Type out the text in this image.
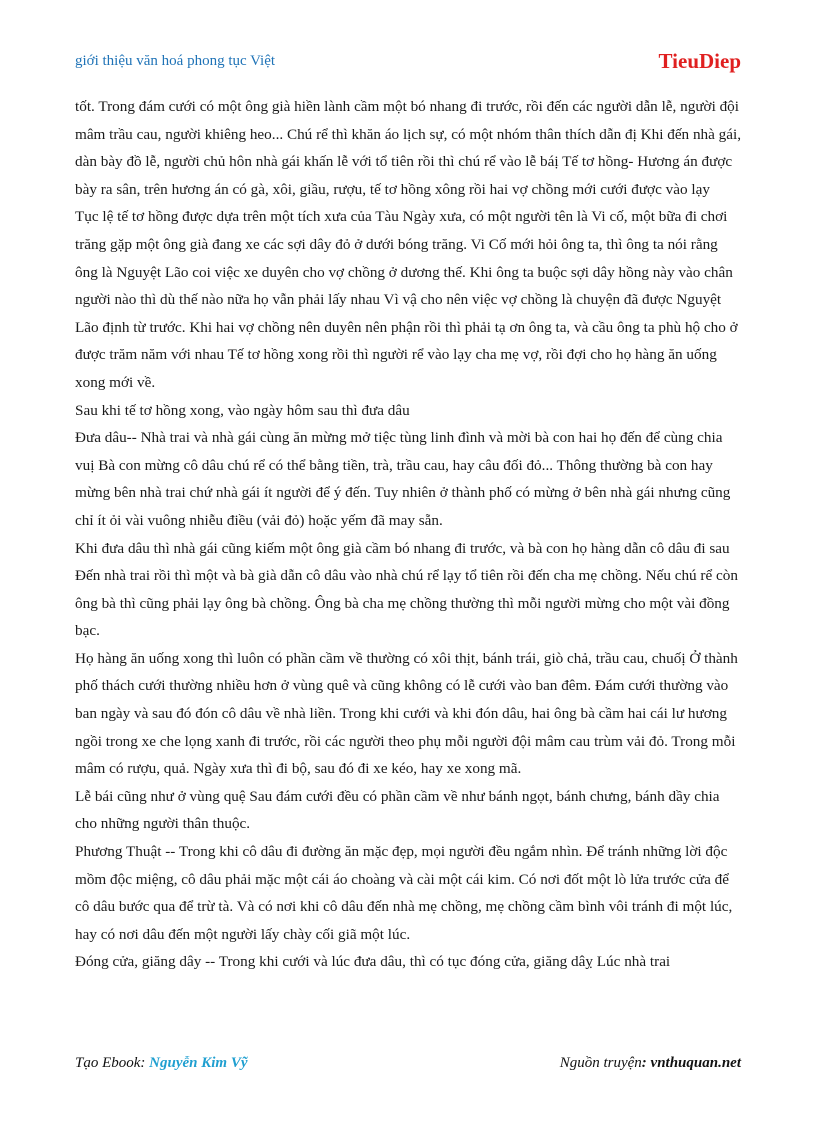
giới thiệu văn hoá phong tục Việt	TieuDiep

tốt. Trong đám cưới có một ông già hiền lành cầm một bó nhang đi trước, rồi đến các người dẫn lễ, người đội mâm trầu cau, người khiêng heo... Chú rể thì khăn áo lịch sự, có một nhóm thân thích dẫn đị Khi đến nhà gái, dàn bày đồ lễ, người chủ hôn nhà gái khấn lễ với tổ tiên rồi thì chú rể vào lễ báị Tế tơ hồng- Hương án được bày ra sân, trên hương án có gà, xôi, giầu, rượu, tế tơ hồng xông rồi hai vợ chồng mới cưới được vào lạy

Tục lệ tế tơ hồng được dựa trên một tích xưa của Tàu Ngày xưa, có một người tên là Vi cố, một bữa đi chơi trăng gặp một ông già đang xe các sợi dây đỏ ở dưới bóng trăng. Vi Cố mới hỏi ông ta, thì ông ta nói rằng ông là Nguyệt Lão coi việc xe duyên cho vợ chồng ở dương thế. Khi ông ta buộc sợi dây hồng này vào chân người nào thì dù thế nào nữa họ vẫn phải lấy nhau Vì vậ cho nên việc vợ chồng là chuyện đã được Nguyệt Lão định từ trước. Khi hai vợ chồng nên duyên nên phận rồi thì phải tạ ơn ông ta, và cầu ông ta phù hộ cho ở được trăm năm với nhau Tế tơ hồng xong rồi thì người rể vào lạy cha mẹ vợ, rồi đợi cho họ hàng ăn uống xong mới về.

Sau khi tế tơ hồng xong, vào ngày hôm sau thì đưa dâu

Đưa dâu-- Nhà trai và nhà gái cùng ăn mừng mở tiệc tùng linh đình và mời bà con hai họ đến để cùng chia vuị Bà con mừng cô dâu chú rể có thể bằng tiền, trà, trầu cau, hay câu đối đỏ... Thông thường bà con hay mừng bên nhà trai chứ nhà gái ít người để ý đến. Tuy nhiên ở thành phố có mừng ở bên nhà gái nhưng cũng chỉ ít ỏi vài vuông nhiễu điều (vải đỏ) hoặc yếm đã may sẵn.

Khi đưa dâu thì nhà gái cũng kiếm một ông già cầm bó nhang đi trước, và bà con họ hàng dẫn cô dâu đi sau Đến nhà trai rồi thì một và bà già dẫn cô dâu vào nhà chú rể lạy tổ tiên rồi đến cha mẹ chồng. Nếu chú rể còn ông bà thì cũng phải lạy ông bà chồng. Ông bà cha mẹ chồng thường thì mỗi người mừng cho một vài đồng bạc.

Họ hàng ăn uống xong thì luôn có phần cầm về thường có xôi thịt, bánh trái, giò chả, trầu cau, chuốị Ở thành phố thách cưới thường nhiều hơn ở vùng quê và cũng không có lễ cưới vào ban đêm. Đám cưới thường vào ban ngày và sau đó đón cô dâu về nhà liền. Trong khi cưới và khi đón dâu, hai ông bà cầm hai cái lư hương ngồi trong xe che lọng xanh đi trước, rồi các người theo phụ mỗi người đội mâm cau trùm vải đỏ. Trong mỗi mâm có rượu, quả. Ngày xưa thì đi bộ, sau đó đi xe kéo, hay xe xong mã.

Lễ bái cũng như ở vùng quệ Sau đám cưới đều có phần cầm về như bánh ngọt, bánh chưng, bánh dầy chia cho những người thân thuộc.

Phương Thuật -- Trong khi cô dâu đi đường ăn mặc đẹp, mọi người đều ngắm nhìn. Để tránh những lời độc mồm độc miệng, cô dâu phải mặc một cái áo choàng và cài một cái kim. Có nơi đốt một lò lửa trước cửa để cô dâu bước qua để trừ tà. Và có nơi khi cô dâu đến nhà mẹ chồng, mẹ chồng cầm bình vôi tránh đi một lúc, hay có nơi dâu đến một người lấy chày cối giã một lúc.

Đóng cửa, giăng dây -- Trong khi cưới và lúc đưa dâu, thì có tục đóng cửa, giăng dâỵ Lúc nhà trai

Tạo Ebook: Nguyễn Kim Vỹ	Nguồn truyện: vnthuquan.net
